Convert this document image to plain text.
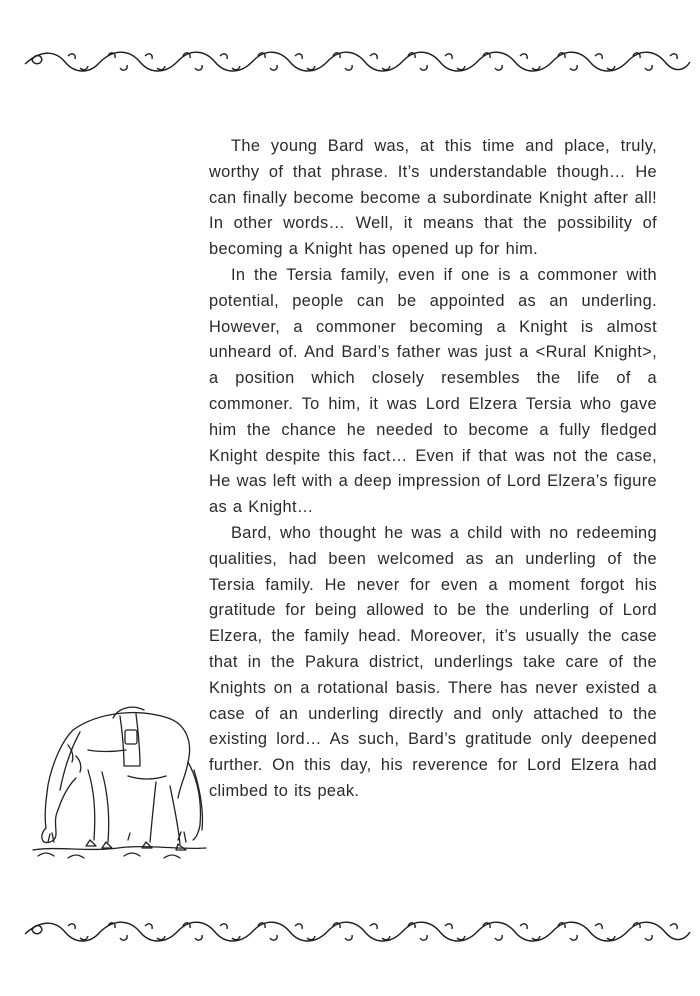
The young Bard was, at this time and place, truly, worthy of that phrase. It’s understandable though… He can finally become become a subordinate Knight after all! In other words… Well, it means that the possibility of becoming a Knight has opened up for him.

In the Tersia family, even if one is a commoner with potential, people can be appointed as an underling. However, a commoner becoming a Knight is almost unheard of. And Bard’s father was just a <Rural Knight>, a position which closely resembles the life of a commoner. To him, it was Lord Elzera Tersia who gave him the chance he needed to become a fully fledged Knight despite this fact… Even if that was not the case, He was left with a deep impression of Lord Elzera’s figure as a Knight…

Bard, who thought he was a child with no redeeming qualities, had been welcomed as an underling of the Tersia family. He never for even a moment forgot his gratitude for being allowed to be the underling of Lord Elzera, the family head. Moreover, it’s usually the case that in the Pakura district, underlings take care of the Knights on a rotational basis. There has never existed a case of an underling directly and only attached to the existing lord… As such, Bard’s gratitude only deepened further. On this day, his reverence for Lord Elzera had climbed to its peak.
